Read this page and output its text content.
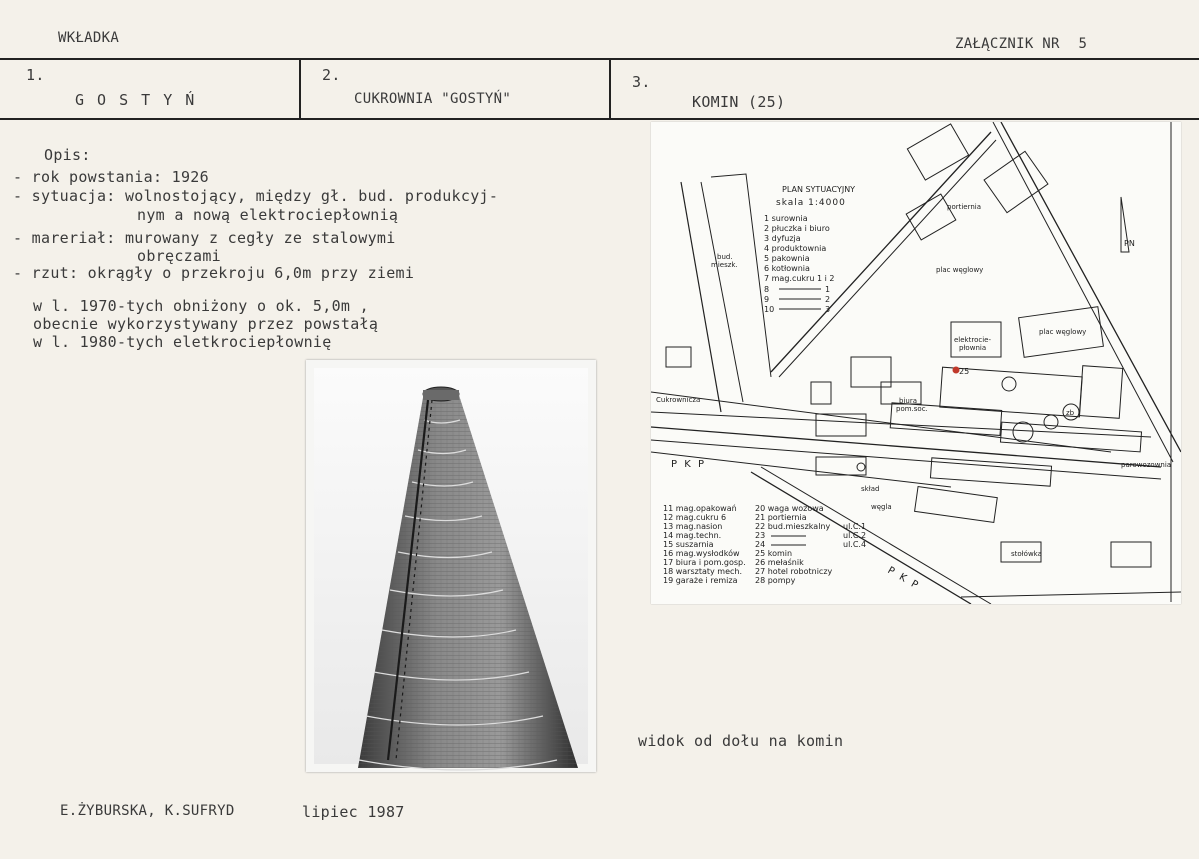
WKŁADKA	ZAŁĄCZNIK NR 5
1.
G O S T Y Ń
2.
CUKROWNIA "GOSTYŃ"
3.
KOMIN (25)
Opis:
- rok powstania: 1926
- sytuacja: wolnostojący, między gł. bud. produkcyj-
nym a nową elektrociepłownią
- mareriał: murowany z cegły ze stalowymi
obręczami
- rzut: okrągły o przekroju 6,0m przy ziemi
w l. 1970-tych obniżony o ok. 5,0m ,
obecnie wykorzystywany przez powstałą
w l. 1980-tych eletkrociepłownię
PLAN SYTUACYJNY
skala 1:4000
1 surownia
2 płuczka i biuro
3 dyfuzja
4 produktownia
5 pakownia
6 kotłownia
7 mag.cukru 1 i 2
8
9
10
1
2
3
11 mag.opakowań
12 mag.cukru 6
13 mag.nasion
14 mag.techn.
15 suszarnia
16 mag.wysłodków
17 biura i pom.gosp.
18 warsztaty mech.
19 garaże i remiza
20 waga wozowa
21 portiernia
22 bud.mieszkalny
23
24
25 komin
26 mełaśnik
27 hotel robotniczy
28 pompy
ul.C.1
ul.C.2
ul.C.4
plac węglowy
elektrocie-
płownia
plac węglowy
biura
pom.soc.
P K P
P K P
skład
węgla
stołówka
portiernia
parowozownia
bud.
mieszk.
PN
25
zb
Cukrownicza
widok od dołu na komin
E.ŻYBURSKA, K.SUFRYD	lipiec 1987
